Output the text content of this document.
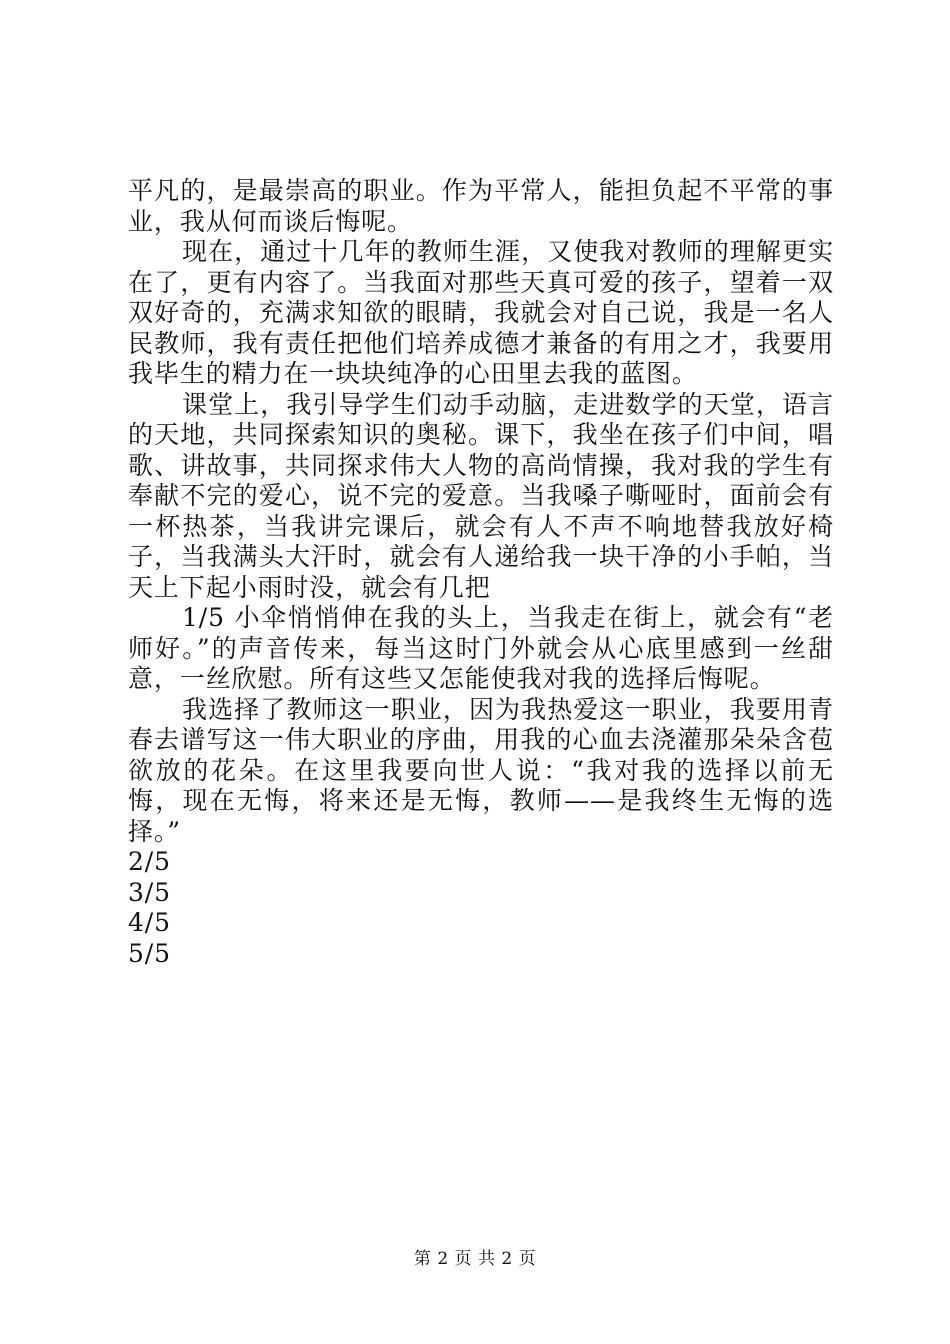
平凡的，是最崇高的职业。作为平常人，能担负起不平常的事业，我从何而谈后悔呢。

现在，通过十几年的教师生涯，又使我对教师的理解更实在了，更有内容了。当我面对那些天真可爱的孩子，望着一双双好奇的，充满求知欲的眼睛，我就会对自己说，我是一名人民教师，我有责任把他们培养成德才兼备的有用之才，我要用我毕生的精力在一块块纯净的心田里去我的蓝图。

课堂上，我引导学生们动手动脑，走进数学的天堂，语言的天地，共同探索知识的奥秘。课下，我坐在孩子们中间，唱歌、讲故事，共同探求伟大人物的高尚情操，我对我的学生有奉献不完的爱心，说不完的爱意。当我嗓子嘶哑时，面前会有一杯热茶，当我讲完课后，就会有人不声不响地替我放好椅子，当我满头大汗时，就会有人递给我一块干净的小手帕，当天上下起小雨时没，就会有几把

1/5 小伞悄悄伸在我的头上，当我走在街上，就会有“老师好。”的声音传来，每当这时门外就会从心底里感到一丝甜意，一丝欣慰。所有这些又怎能使我对我的选择后悔呢。

我选择了教师这一职业，因为我热爱这一职业，我要用青春去谱写这一伟大职业的序曲，用我的心血去浇灌那朵朵含苞欲放的花朵。在这里我要向世人说：“我对我的选择以前无悔，现在无悔，将来还是无悔，教师——是我终生无悔的选择。”

2/5

3/5

4/5

5/5

第 2 页 共 2 页
